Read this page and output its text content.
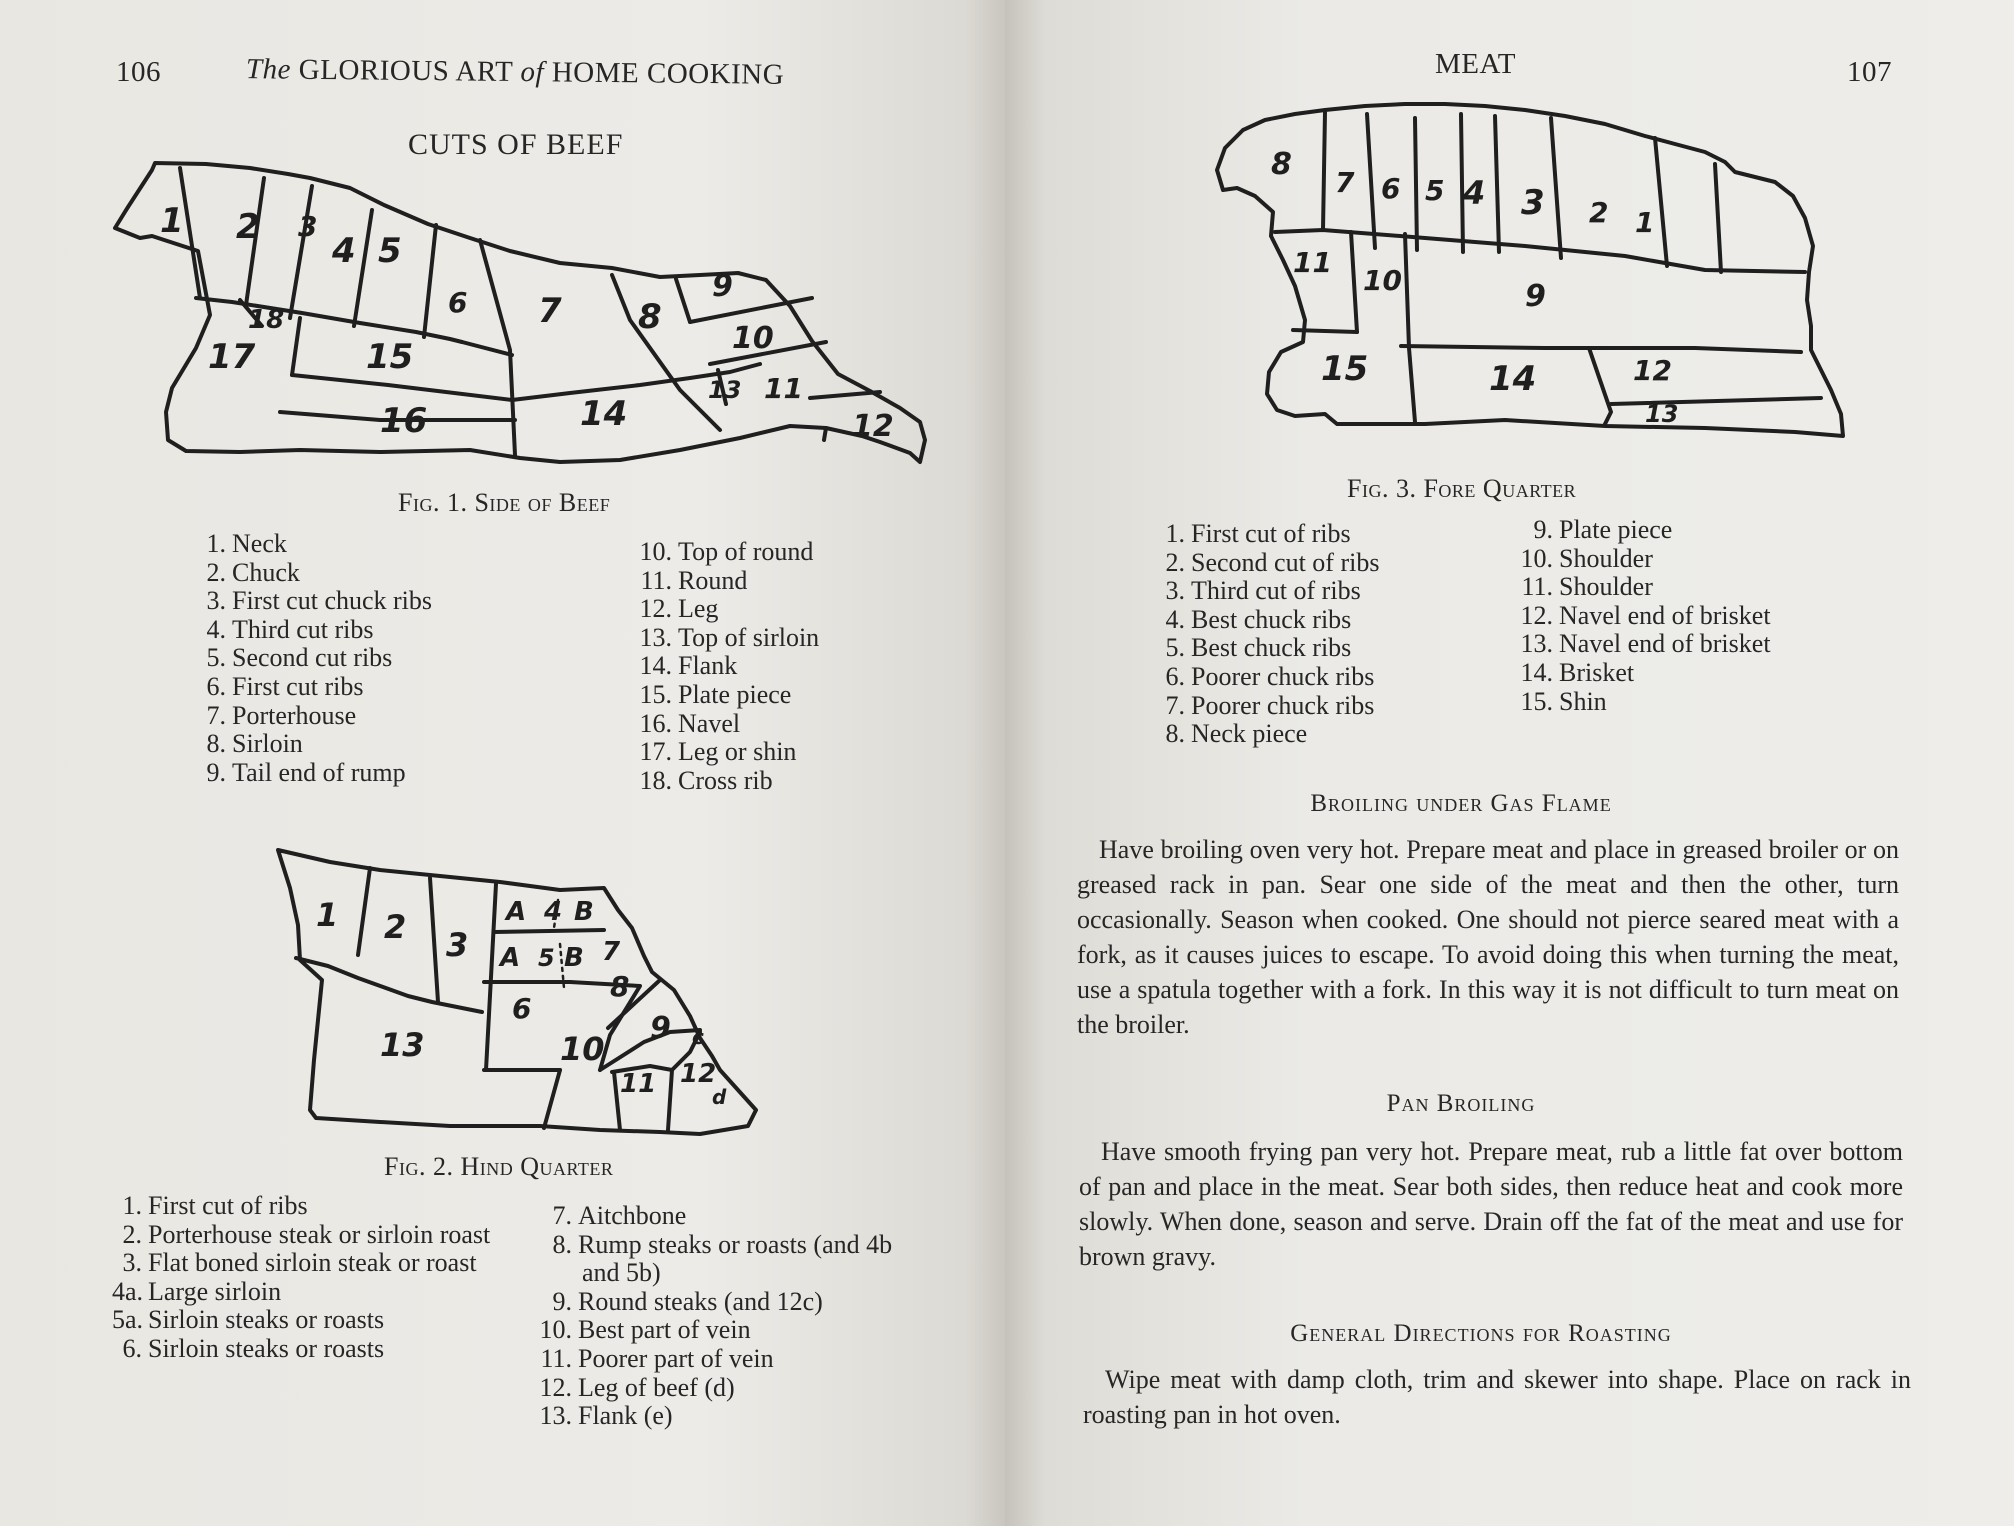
106	The GLORIOUS ART of HOME COOKING
CUTS OF BEEF
1 2 3
4 5
6 7 8
9
10
11
12
13
14
15
16
17
18
Fig. 1. Side of Beef
1. Neck
2. Chuck
3. First cut chuck ribs
4. Third cut ribs
5. Second cut ribs
6. First cut ribs
7. Porterhouse
8. Sirloin
9. Tail end of rump
10. Top of round
11. Round
12. Leg
13. Top of sirloin
14. Flank
15. Plate piece
16. Navel
17. Leg or shin
18. Cross rib
1 2 3
A 4 B
A 5 B 7
6
8
9 c
13	10
11 12
d
Fig. 2. Hind Quarter
1. First cut of ribs
2. Porterhouse steak or sirloin roast
3. Flat boned sirloin steak or roast
4a. Large sirloin
5a. Sirloin steaks or roasts
6. Sirloin steaks or roasts
7. Aitchbone
8. Rump steaks or roasts (and 4b and 5b)
9. Round steaks (and 12c)
10. Best part of vein
11. Poorer part of vein
12. Leg of beef (d)
13. Flank (e)
MEAT	107
8
7 6 5 4 3 2 1
11
10	9
15	14	12
13
Fig. 3. Fore Quarter
1. First cut of ribs
2. Second cut of ribs
3. Third cut of ribs
4. Best chuck ribs
5. Best chuck ribs
6. Poorer chuck ribs
7. Poorer chuck ribs
8. Neck piece
9. Plate piece
10. Shoulder
11. Shoulder
12. Navel end of brisket
13. Navel end of brisket
14. Brisket
15. Shin
Broiling under Gas Flame

Have broiling oven very hot. Prepare meat and place in greased broiler or on greased rack in pan. Sear one side of the meat and then the other, turn occasionally. Season when cooked. One should not pierce seared meat with a fork, as it causes juices to escape. To avoid doing this when turning the meat, use a spatula together with a fork. In this way it is not difficult to turn meat on the broiler.

Pan Broiling

Have smooth frying pan very hot. Prepare meat, rub a little fat over bottom of pan and place in the meat. Sear both sides, then reduce heat and cook more slowly. When done, season and serve. Drain off the fat of the meat and use for brown gravy.

General Directions for Roasting

Wipe meat with damp cloth, trim and skewer into shape. Place on rack in roasting pan in hot oven.
